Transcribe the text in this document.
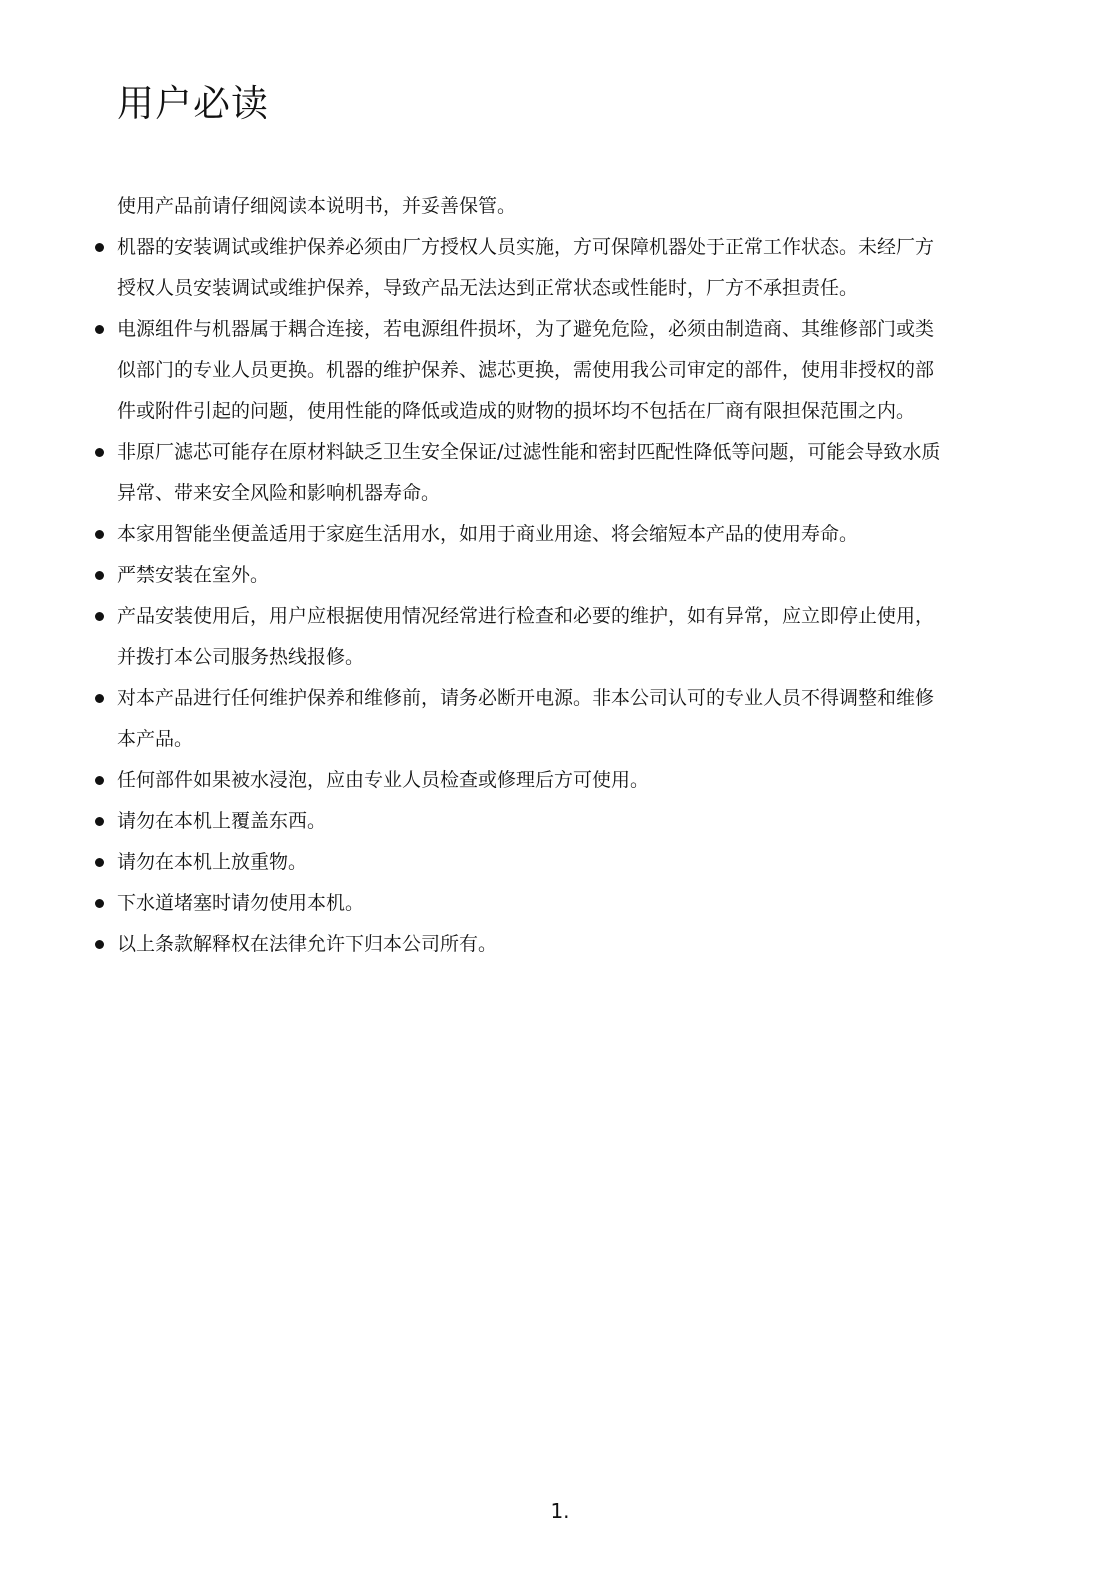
用户必读

使用产品前请仔细阅读本说明书，并妥善保管。

机器的安装调试或维护保养必须由厂方授权人员实施，方可保障机器处于正常工作状态。未经厂方
授权人员安装调试或维护保养，导致产品无法达到正常状态或性能时，厂方不承担责任。
电源组件与机器属于耦合连接，若电源组件损坏，为了避免危险，必须由制造商、其维修部门或类
似部门的专业人员更换。机器的维护保养、滤芯更换，需使用我公司审定的部件，使用非授权的部
件或附件引起的问题，使用性能的降低或造成的财物的损坏均不包括在厂商有限担保范围之内。
非原厂滤芯可能存在原材料缺乏卫生安全保证/过滤性能和密封匹配性降低等问题，可能会导致水质
异常、带来安全风险和影响机器寿命。
本家用智能坐便盖适用于家庭生活用水，如用于商业用途、将会缩短本产品的使用寿命。
严禁安装在室外。
产品安装使用后，用户应根据使用情况经常进行检查和必要的维护，如有异常，应立即停止使用，
并拨打本公司服务热线报修。
对本产品进行任何维护保养和维修前，请务必断开电源。非本公司认可的专业人员不得调整和维修
本产品。
任何部件如果被水浸泡，应由专业人员检查或修理后方可使用。
请勿在本机上覆盖东西。
请勿在本机上放重物。
下水道堵塞时请勿使用本机。
以上条款解释权在法律允许下归本公司所有。
1.
